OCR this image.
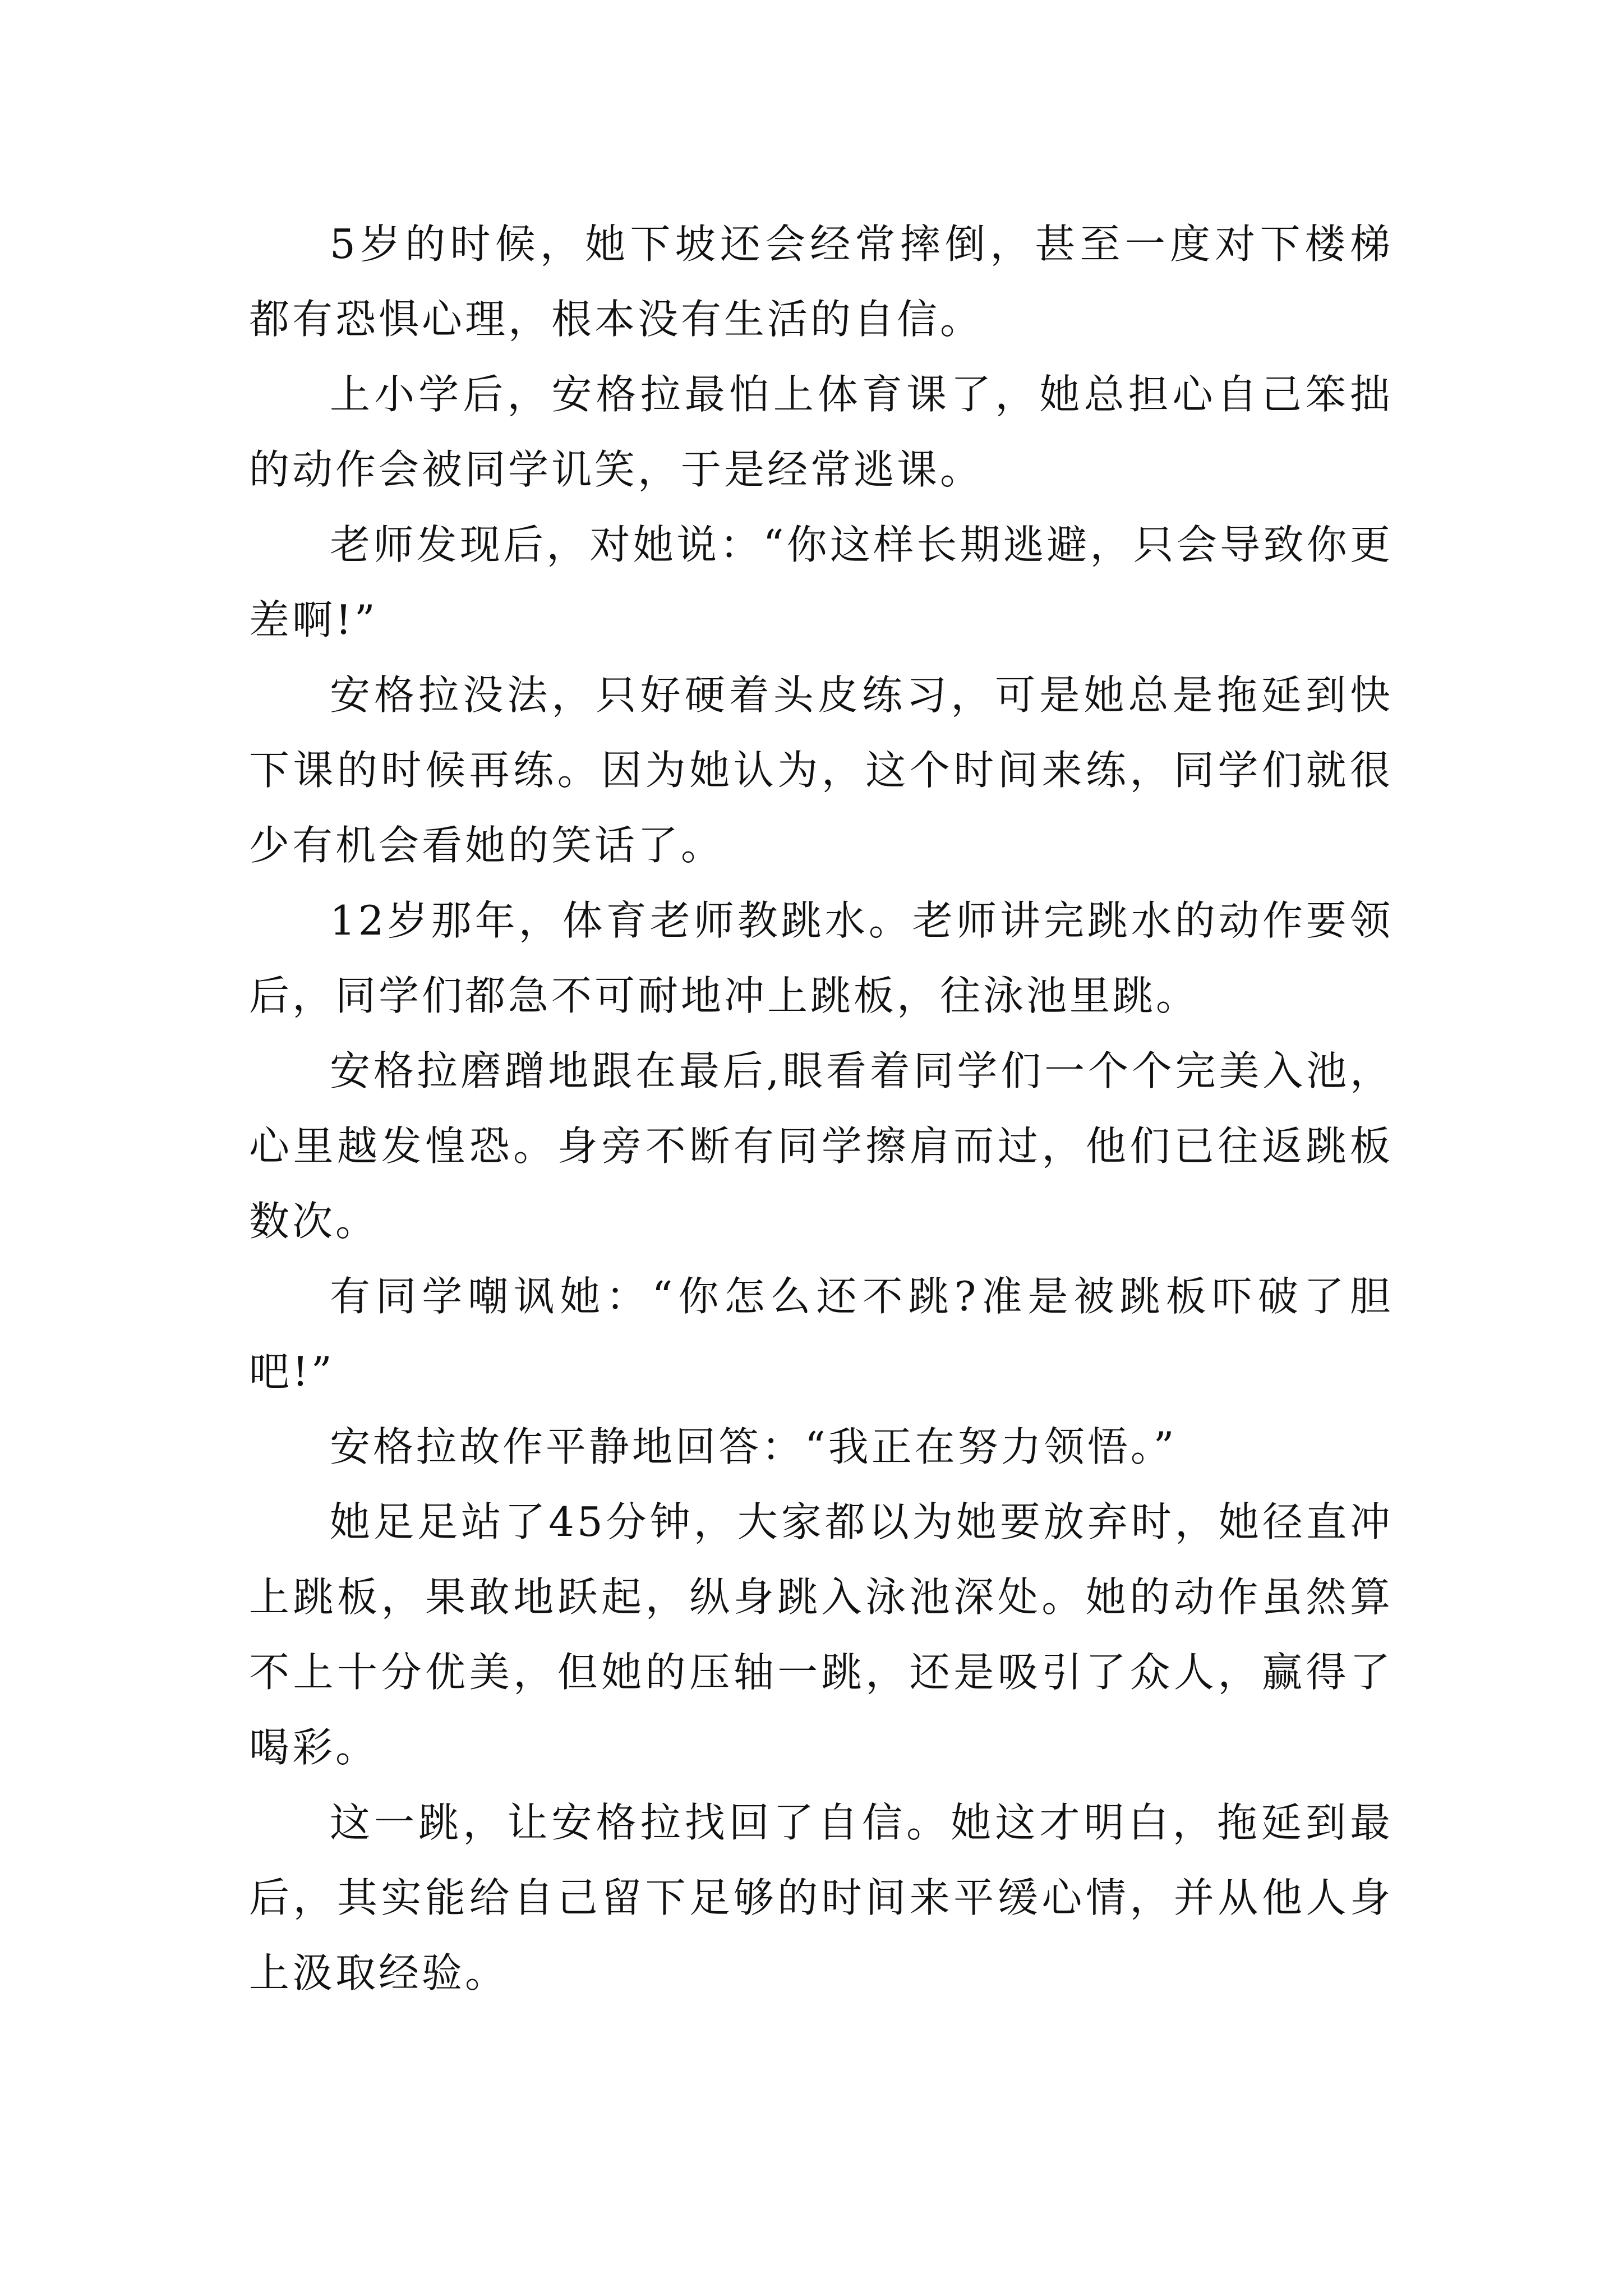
5岁的时候，她下坡还会经常摔倒，甚至一度对下楼梯都有恐惧心理，根本没有生活的自信。

上小学后，安格拉最怕上体育课了，她总担心自己笨拙的动作会被同学讥笑，于是经常逃课。

老师发现后，对她说：“你这样长期逃避，只会导致你更差啊!”

安格拉没法，只好硬着头皮练习，可是她总是拖延到快下课的时候再练。因为她认为，这个时间来练，同学们就很少有机会看她的笑话了。

12岁那年，体育老师教跳水。老师讲完跳水的动作要领后，同学们都急不可耐地冲上跳板，往泳池里跳。

安格拉磨蹭地跟在最后,眼看着同学们一个个完美入池，心里越发惶恐。身旁不断有同学擦肩而过，他们已往返跳板数次。

有同学嘲讽她：“你怎么还不跳?准是被跳板吓破了胆吧!”

安格拉故作平静地回答：“我正在努力领悟。”

她足足站了45分钟，大家都以为她要放弃时，她径直冲上跳板，果敢地跃起，纵身跳入泳池深处。她的动作虽然算不上十分优美，但她的压轴一跳，还是吸引了众人，赢得了喝彩。

这一跳，让安格拉找回了自信。她这才明白，拖延到最后，其实能给自己留下足够的时间来平缓心情，并从他人身上汲取经验。
